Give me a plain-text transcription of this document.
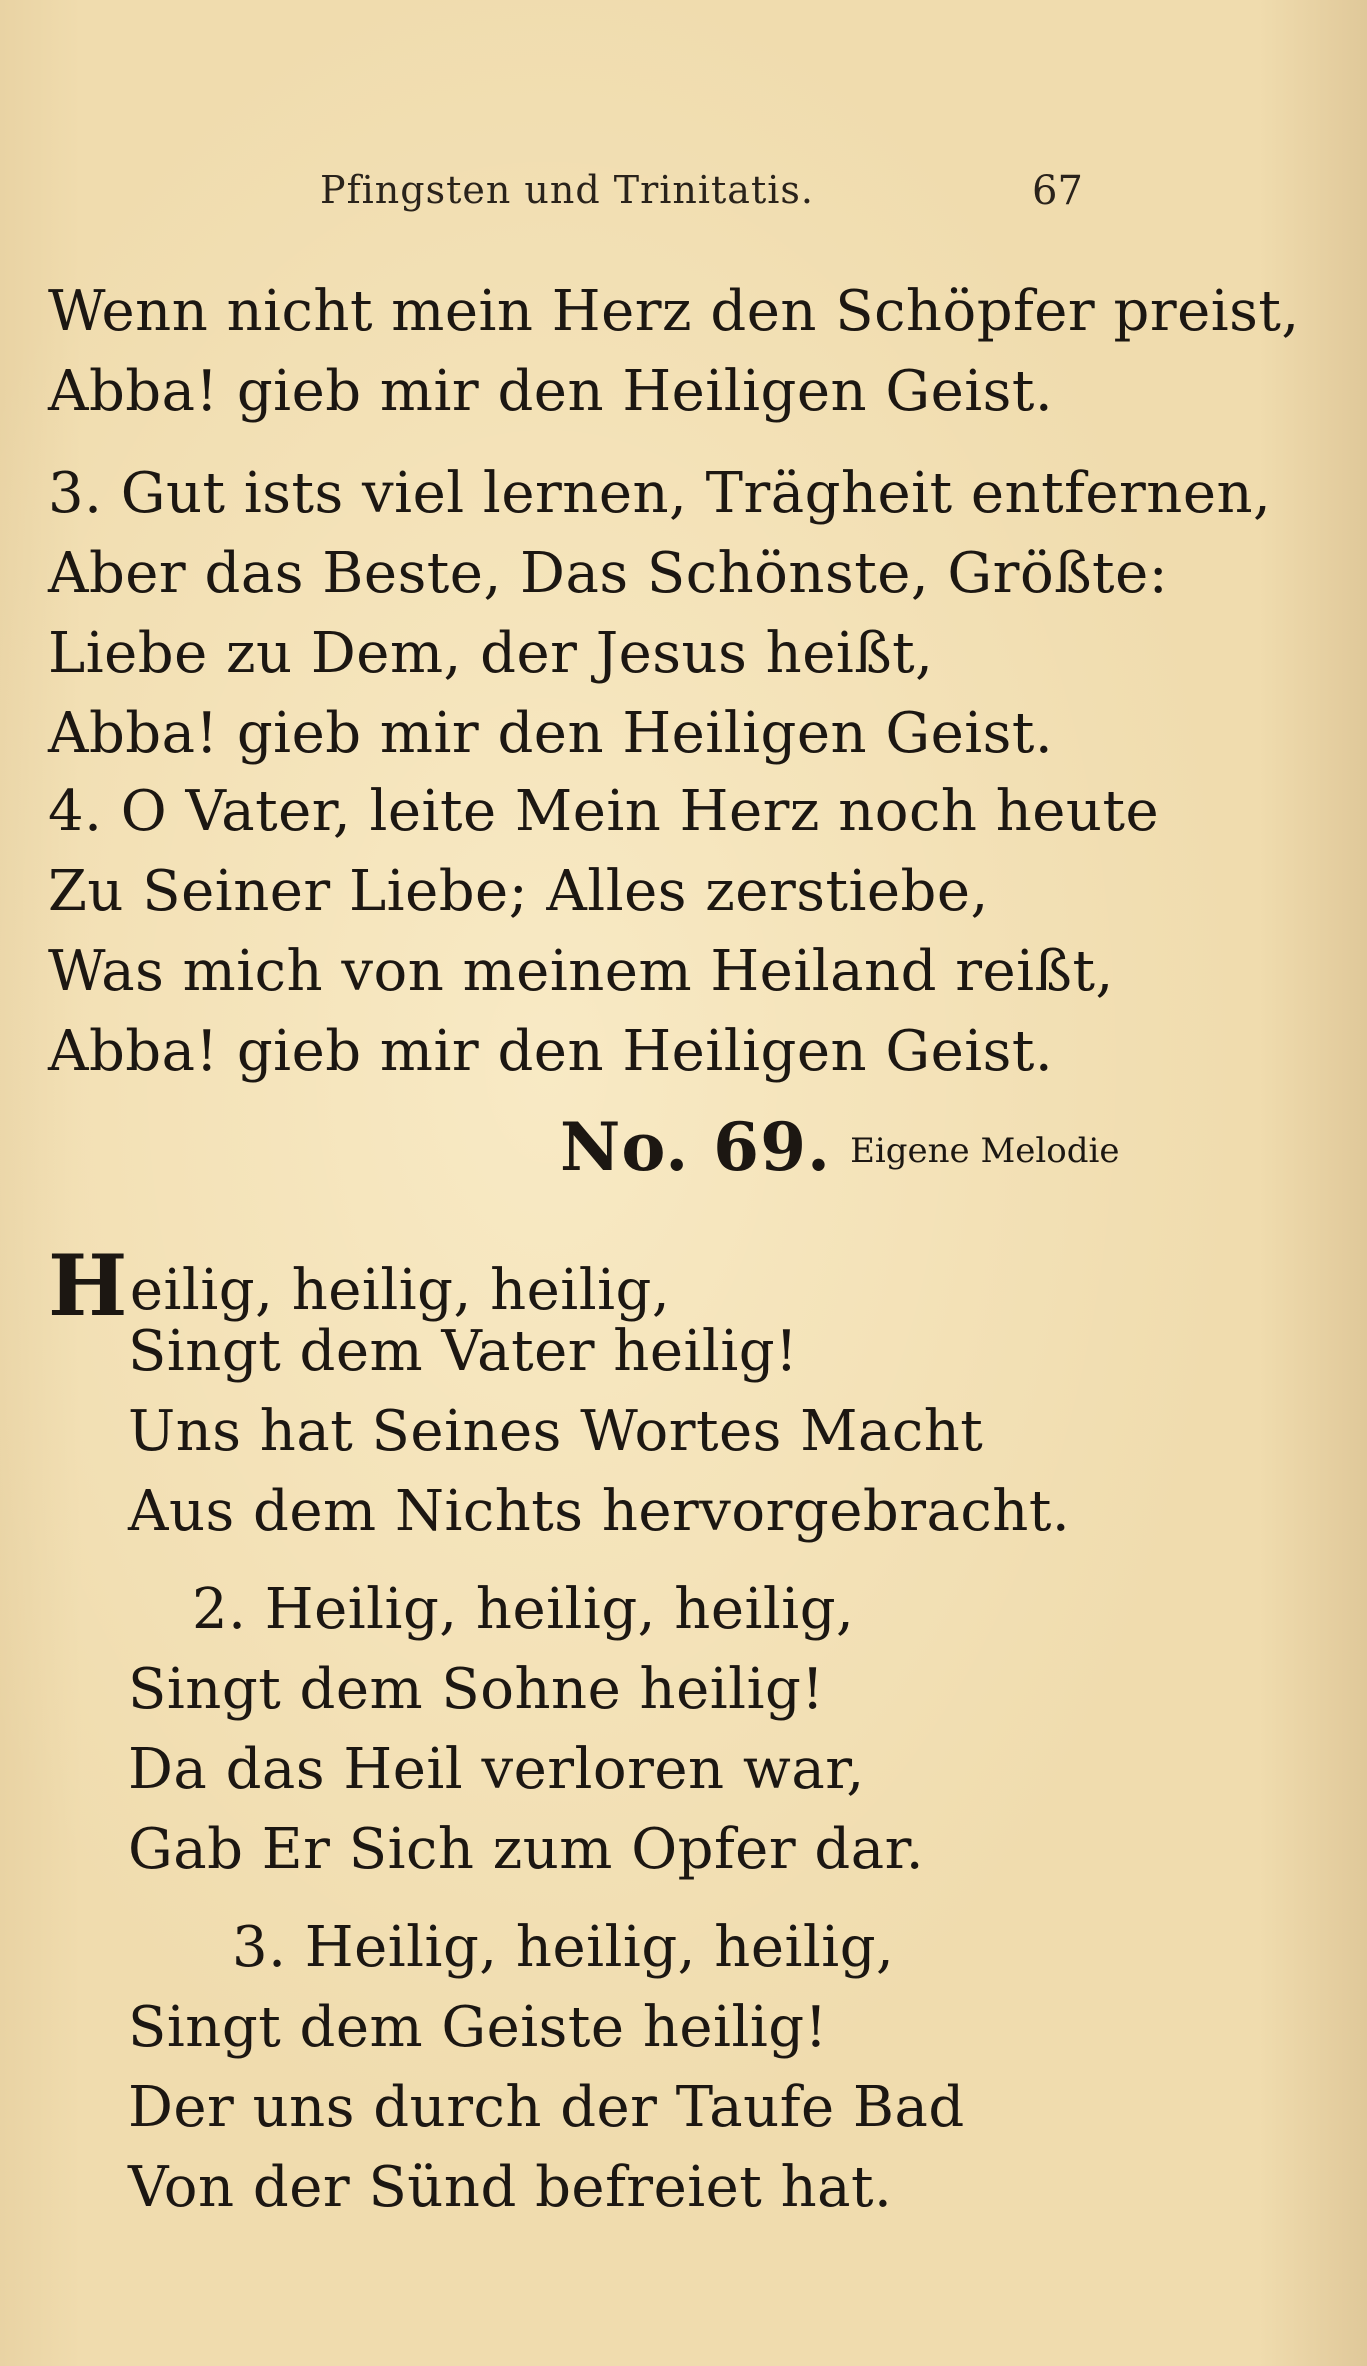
Pfingsten und Trinitatis.	67
Wenn nicht mein Herz den Schöpfer preist,
Abba! gieb mir den Heiligen Geist.
3. Gut ists viel lernen, Trägheit entfernen,
Aber das Beste, Das Schönste, Größte:
Liebe zu Dem, der Jesus heißt,
Abba! gieb mir den Heiligen Geist.
4. O Vater, leite Mein Herz noch heute
Zu Seiner Liebe; Alles zerstiebe,
Was mich von meinem Heiland reißt,
Abba! gieb mir den Heiligen Geist.
No. 69. Eigene Melodie
Heilig, heilig, heilig,
Singt dem Vater heilig!
Uns hat Seines Wortes Macht
Aus dem Nichts hervorgebracht.
2. Heilig, heilig, heilig,
Singt dem Sohne heilig!
Da das Heil verloren war,
Gab Er Sich zum Opfer dar.
3. Heilig, heilig, heilig,
Singt dem Geiste heilig!
Der uns durch der Taufe Bad
Von der Sünd befreiet hat.
